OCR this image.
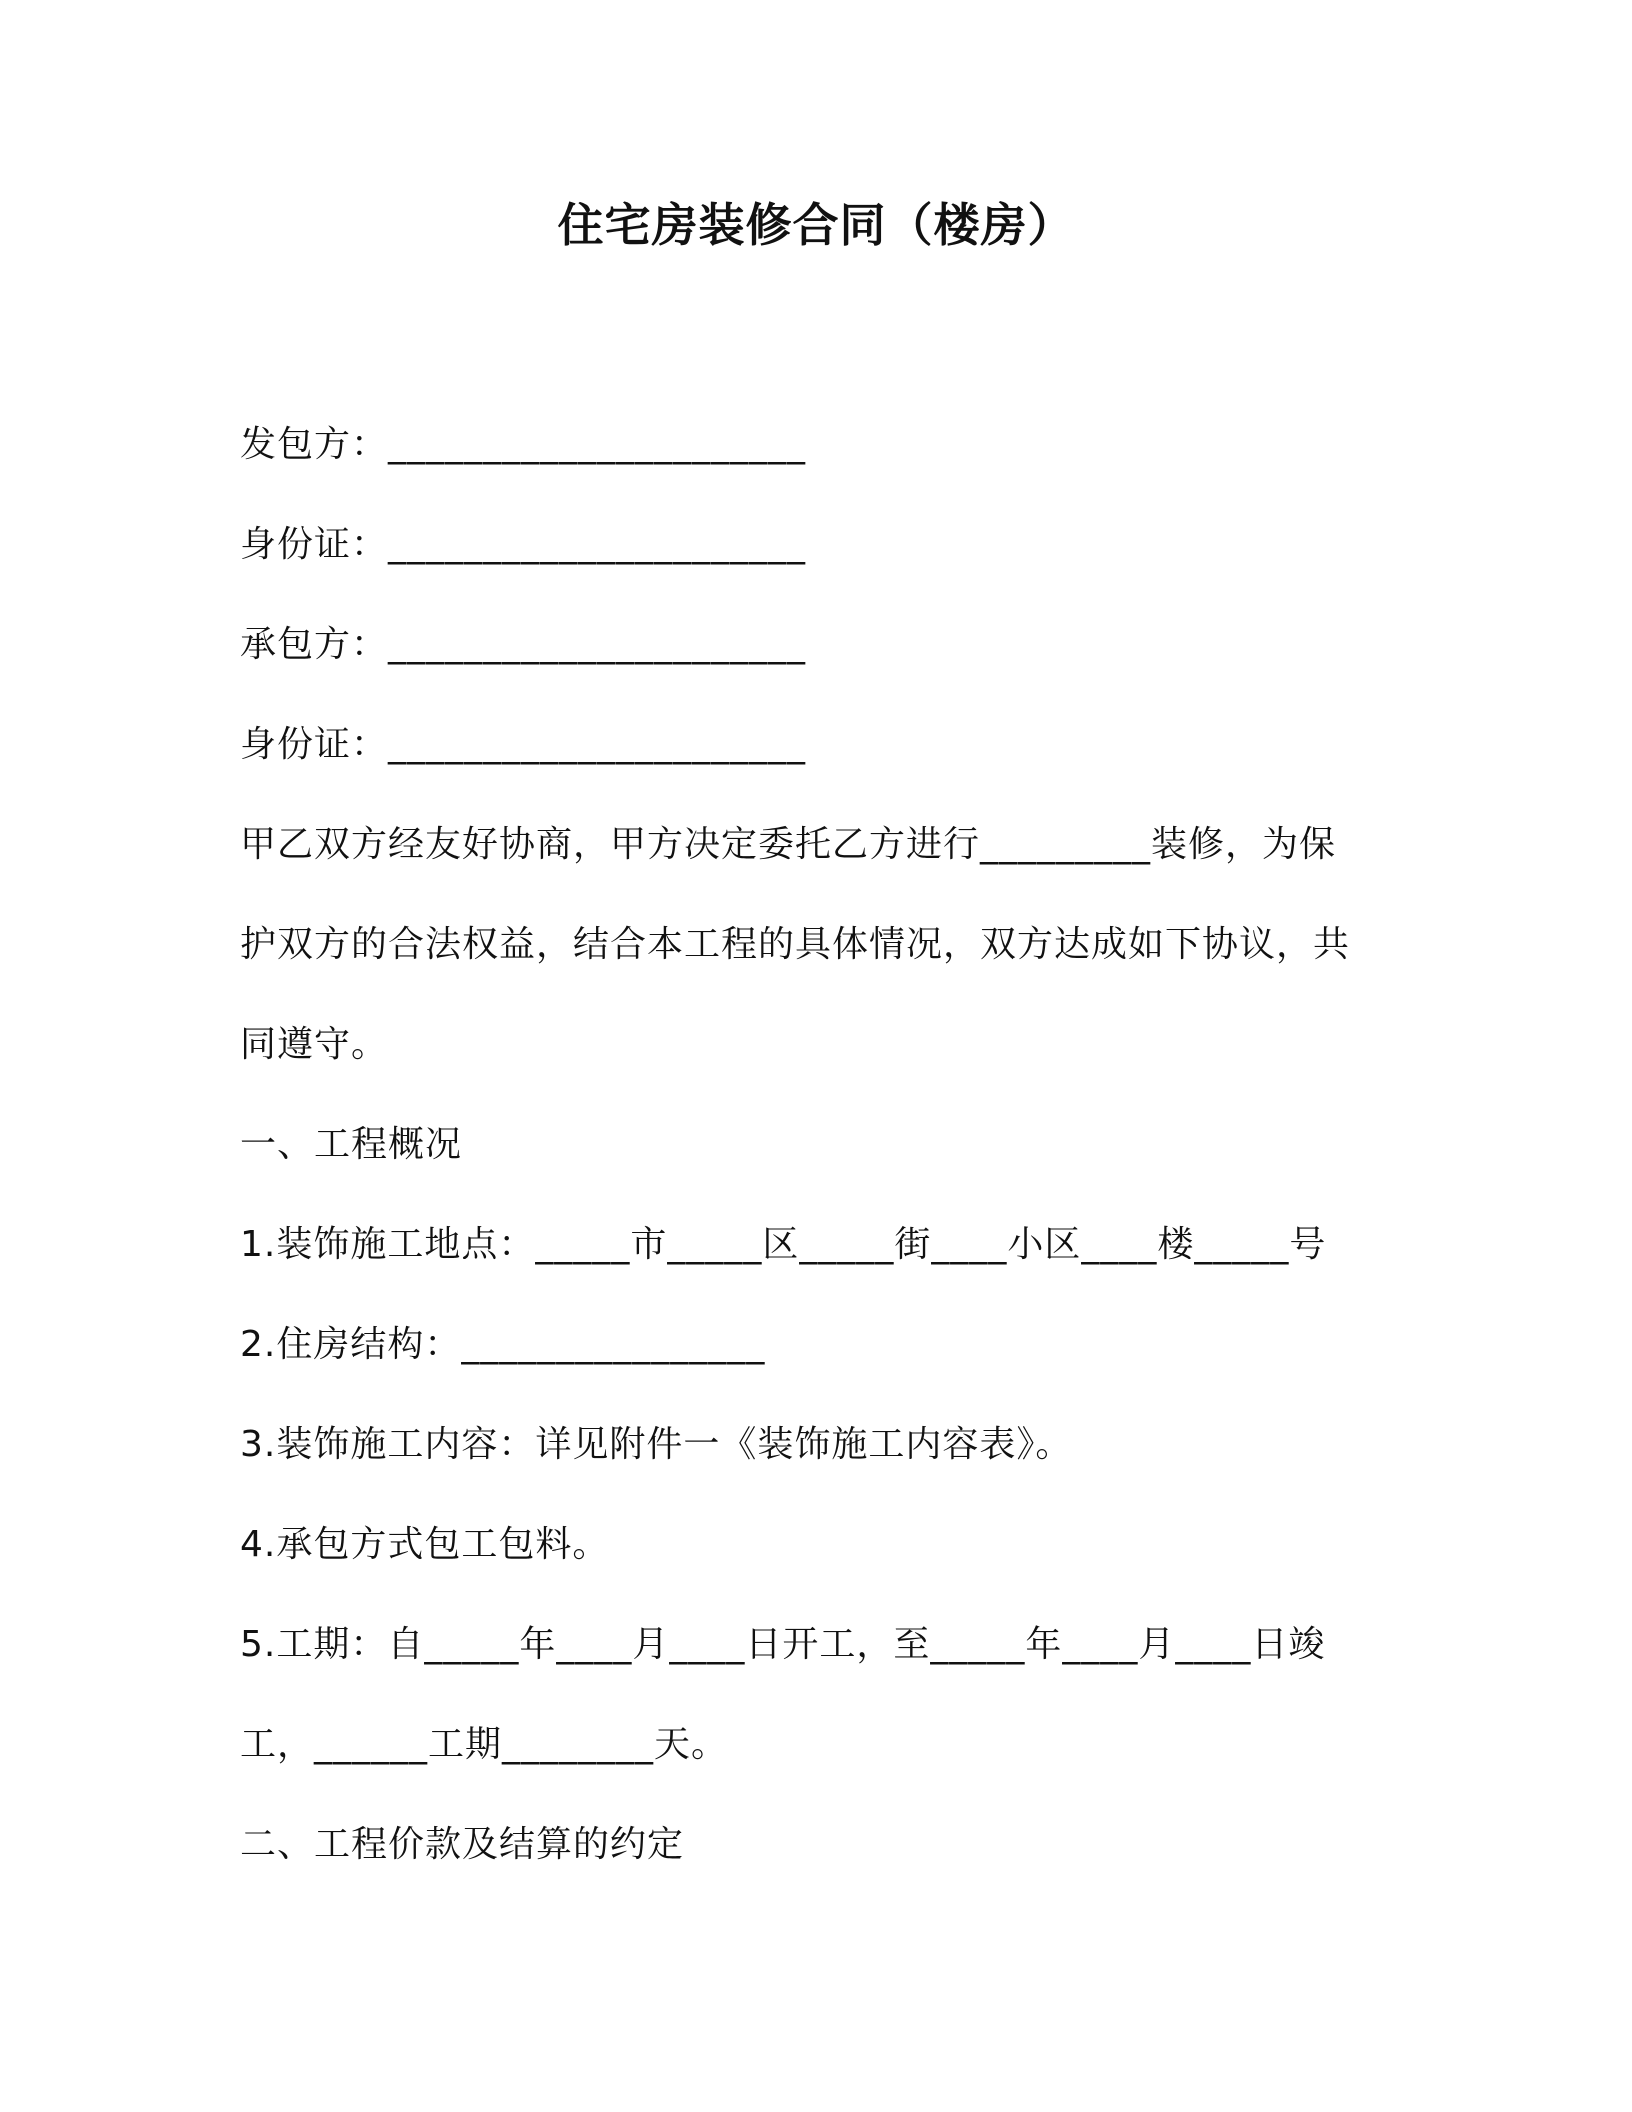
住宅房装修合同（楼房）
发包方：______________________
身份证：______________________
承包方：______________________
身份证：______________________
甲乙双方经友好协商，甲方决定委托乙方进行_________装修，为保
护双方的合法权益，结合本工程的具体情况，双方达成如下协议，共
同遵守。
一、工程概况
1.装饰施工地点：_____市_____区_____街____小区____楼_____号
2.住房结构：________________
3.装饰施工内容：详见附件一《装饰施工内容表》。
4.承包方式包工包料。
5.工期：自_____年____月____日开工，至_____年____月____日竣
工，______工期________天。
二、工程价款及结算的约定
